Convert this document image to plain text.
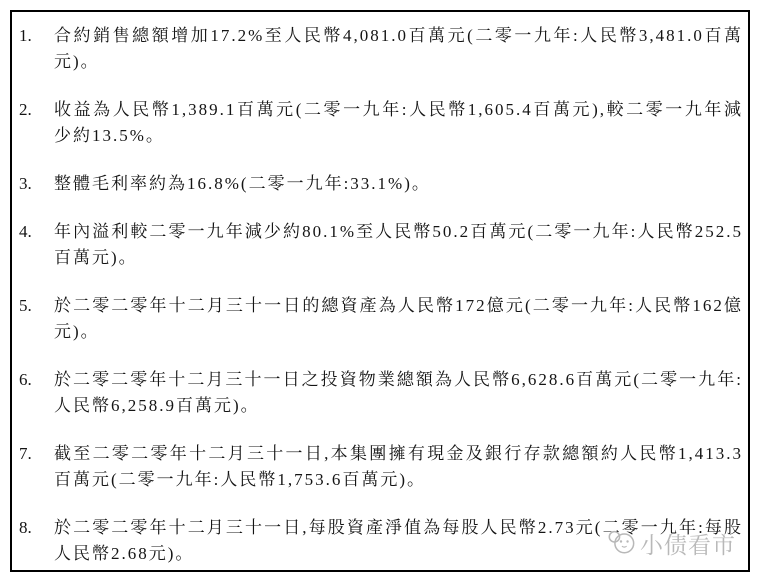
1.	合約銷售總額增加17.2%至人民幣4,081.0百萬元(二零一九年:人民幣3,481.0百萬元)。
2.	收益為人民幣1,389.1百萬元(二零一九年:人民幣1,605.4百萬元),較二零一九年減少約13.5%。
3.	整體毛利率約為16.8%(二零一九年:33.1%)。
4.	年內溢利較二零一九年減少約80.1%至人民幣50.2百萬元(二零一九年:人民幣252.5百萬元)。
5.	於二零二零年十二月三十一日的總資產為人民幣172億元(二零一九年:人民幣162億元)。
6.	於二零二零年十二月三十一日之投資物業總額為人民幣6,628.6百萬元(二零一九年:人民幣6,258.9百萬元)。
7.	截至二零二零年十二月三十一日,本集團擁有現金及銀行存款總額約人民幣1,413.3百萬元(二零一九年:人民幣1,753.6百萬元)。
8.	於二零二零年十二月三十一日,每股資產淨值為每股人民幣2.73元(二零一九年:每股人民幣2.68元)。	小债看市
